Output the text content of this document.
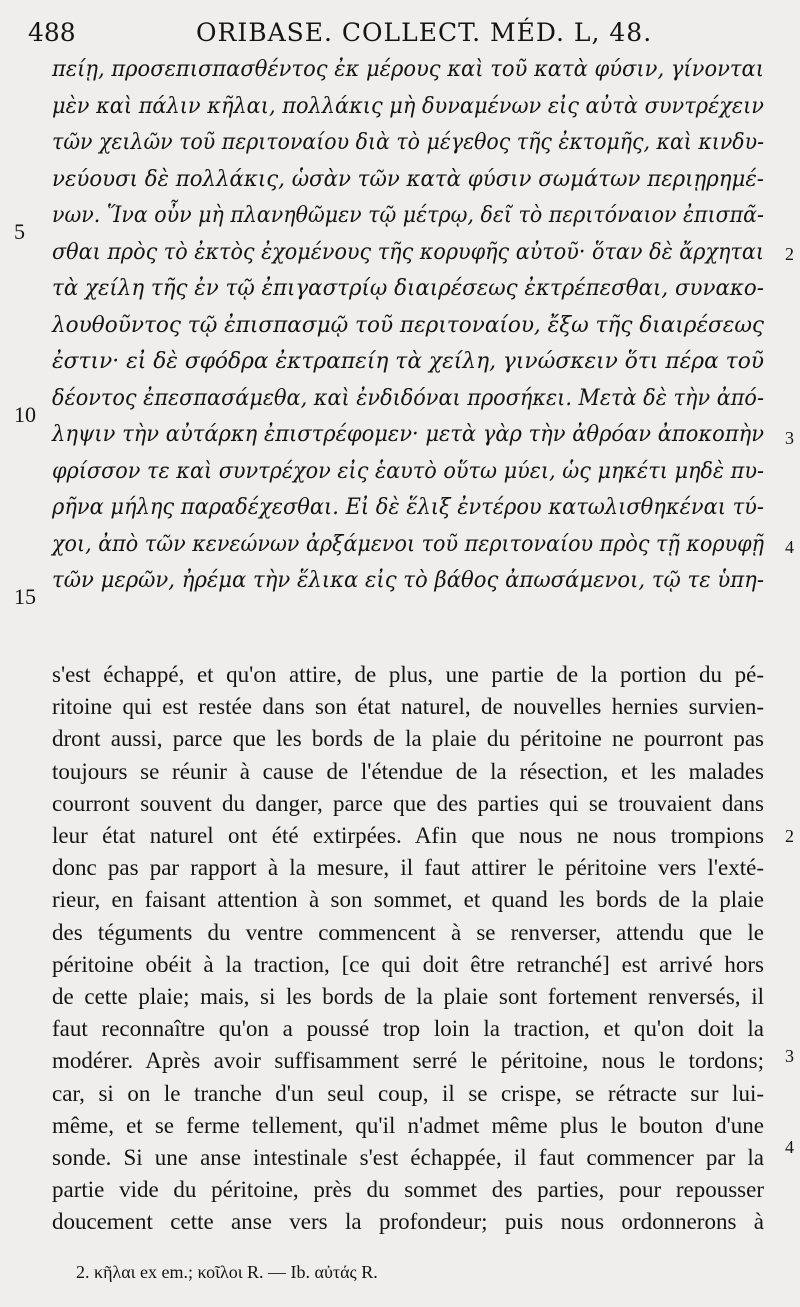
488	ORIBASE. COLLECT. MÉD. L, 48.
πείῃ, προσεπισπασθέντος ἐκ μέρους καὶ τοῦ κατὰ φύσιν, γίνονται
μὲν καὶ πάλιν κῆλαι, πολλάκις μὴ δυναμένων εἰς αὐτὰ συντρέχειν
τῶν χειλῶν τοῦ περιτοναίου διὰ τὸ μέγεθος τῆς ἐκτομῆς, καὶ κινδυ-
νεύουσι δὲ πολλάκις, ὡσὰν τῶν κατὰ φύσιν σωμάτων περιῃρημέ-
νων. Ἵνα οὖν μὴ πλανηθῶμεν τῷ μέτρῳ, δεῖ τὸ περιτόναιον ἐπισπᾶ-
σθαι πρὸς τὸ ἐκτὸς ἐχομένους τῆς κορυφῆς αὐτοῦ· ὅταν δὲ ἄρχηται
τὰ χείλη τῆς ἐν τῷ ἐπιγαστρίῳ διαιρέσεως ἐκτρέπεσθαι, συνακο-
λουθοῦντος τῷ ἐπισπασμῷ τοῦ περιτοναίου, ἔξω τῆς διαιρέσεως
ἐστιν· εἰ δὲ σφόδρα ἐκτραπείη τὰ χείλη, γινώσκειν ὅτι πέρα τοῦ
δέοντος ἐπεσπασάμεθα, καὶ ἐνδιδόναι προσήκει. Μετὰ δὲ τὴν ἀπό-
ληψιν τὴν αὐτάρκη ἐπιστρέφομεν· μετὰ γὰρ τὴν ἀθρόαν ἀποκοπὴν
φρίσσον τε καὶ συντρέχον εἰς ἑαυτὸ οὕτω μύει, ὡς μηκέτι μηδὲ πυ-
ρῆνα μήλης παραδέχεσθαι. Εἰ δὲ ἕλιξ ἐντέρου κατωλισθηκέναι τύ-
χοι, ἀπὸ τῶν κενεώνων ἀρξάμενοι τοῦ περιτοναίου πρὸς τῇ κορυφῇ
τῶν μερῶν, ἠρέμα τὴν ἕλικα εἰς τὸ βάθος ἀπωσάμενοι, τῷ τε ὑπη-
5
10
15
2
3
4
s'est échappé, et qu'on attire, de plus, une partie de la portion du pé-
ritoine qui est restée dans son état naturel, de nouvelles hernies survien-
dront aussi, parce que les bords de la plaie du péritoine ne pourront pas
toujours se réunir à cause de l'étendue de la résection, et les malades
courront souvent du danger, parce que des parties qui se trouvaient dans
leur état naturel ont été extirpées. Afin que nous ne nous trompions
donc pas par rapport à la mesure, il faut attirer le péritoine vers l'exté-
rieur, en faisant attention à son sommet, et quand les bords de la plaie
des téguments du ventre commencent à se renverser, attendu que le
péritoine obéit à la traction, [ce qui doit être retranché] est arrivé hors
de cette plaie; mais, si les bords de la plaie sont fortement renversés, il
faut reconnaître qu'on a poussé trop loin la traction, et qu'on doit la
modérer. Après avoir suffisamment serré le péritoine, nous le tordons;
car, si on le tranche d'un seul coup, il se crispe, se rétracte sur lui-
même, et se ferme tellement, qu'il n'admet même plus le bouton d'une
sonde. Si une anse intestinale s'est échappée, il faut commencer par la
partie vide du péritoine, près du sommet des parties, pour repousser
doucement cette anse vers la profondeur; puis nous ordonnerons à
2
3
4
2. κῆλαι ex em.; κοῖλοι R. — Ib. αὐτάς R.
